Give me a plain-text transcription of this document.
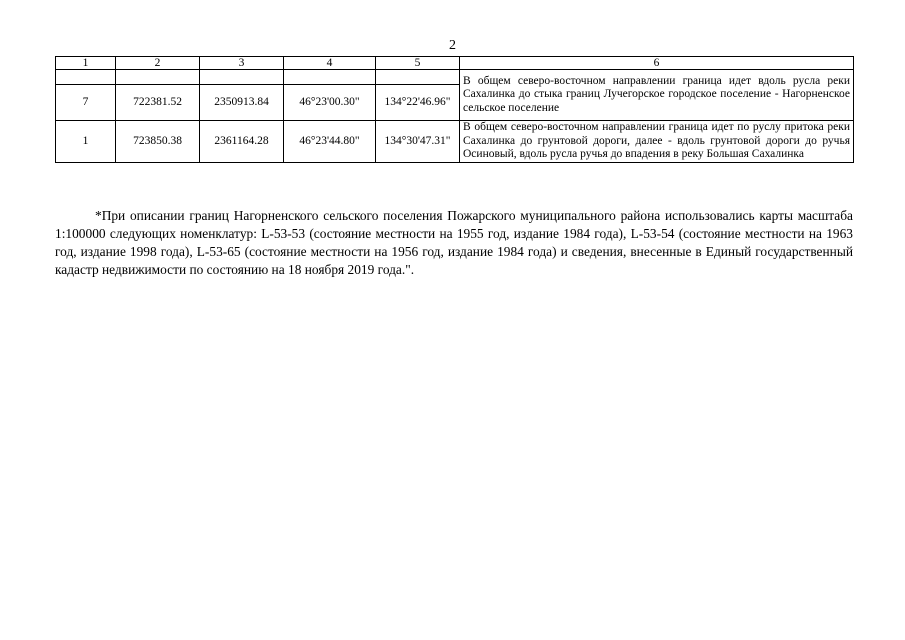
2
1	2	3	4	5	6
					В общем северо-восточном направлении граница идет вдоль русла реки Сахалинка до стыка границ Лучегорское городское поселение - Нагорненское сельское поселение
7	722381.52	2350913.84	46°23'00.30"	134°22'46.96"	
1	723850.38	2361164.28	46°23'44.80"	134°30'47.31"	В общем северо-восточном направлении граница идет по руслу притока реки Сахалинка до грунтовой дороги, далее - вдоль грунтовой дороги до ручья Осиновый, вдоль русла ручья до впадения в реку Большая Сахалинка

*При описании границ Нагорненского сельского поселения Пожарского муниципального района использовались карты масштаба 1:100000 следующих номенклатур: L-53-53 (состояние местности на 1955 год, издание 1984 года), L-53-54 (состояние местности на 1963 год, издание 1998 года), L-53-65 (состояние местности на 1956 год, издание 1984 года) и сведения, внесенные в Единый государственный кадастр недвижимости по состоянию на 18 ноября 2019 года.".
